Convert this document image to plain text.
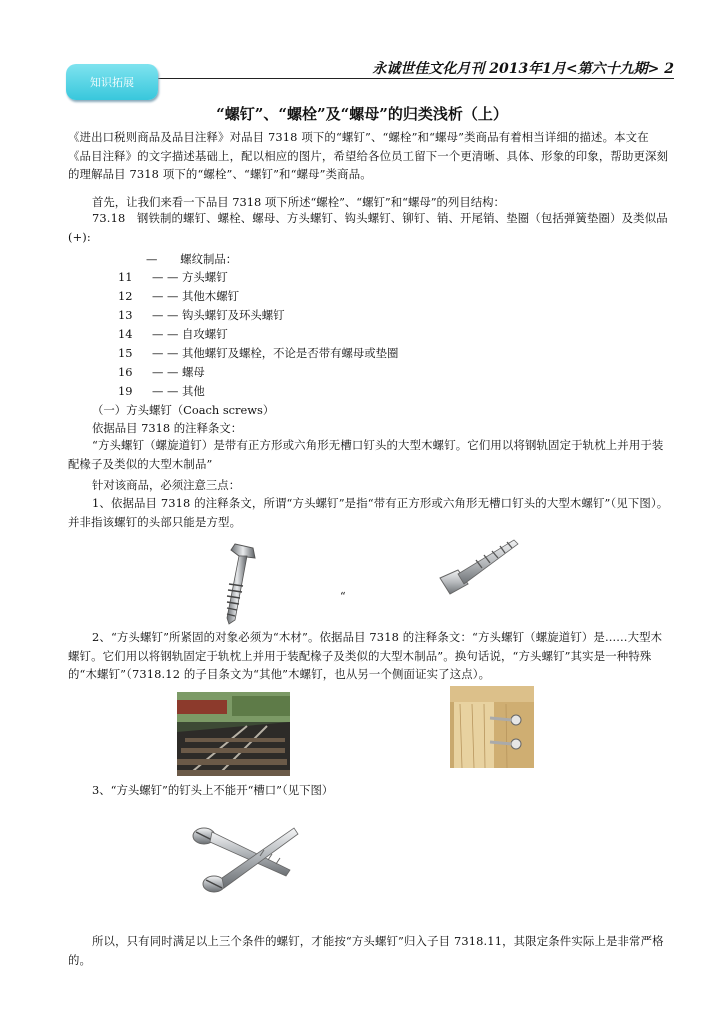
永诚世佳文化月刊 2013年1月<第六十九期> 2
知识拓展
“螺钉”、“螺栓”及“螺母”的归类浅析（上）
《进出口税则商品及品目注释》对品目 7318 项下的“螺钉”、“螺栓”和“螺母”类商品有着相当详细的描述。本文在《品目注释》的文字描述基础上，配以相应的图片，希望给各位员工留下一个更清晰、具体、形象的印象，帮助更深刻的理解品目 7318 项下的“螺栓”、“螺钉”和“螺母”类商品。
首先，让我们来看一下品目 7318 项下所述“螺栓”、“螺钉”和“螺母”的列目结构：
73.18　钢铁制的螺钉、螺栓、螺母、方头螺钉、钩头螺钉、铆钉、销、开尾销、垫圈（包括弹簧垫圈）及类似品(+):
—　　螺纹制品：
11 — — 方头螺钉
12 — — 其他木螺钉
13 — — 钩头螺钉及环头螺钉
14 — — 自攻螺钉
15 — — 其他螺钉及螺栓，不论是否带有螺母或垫圈
16 — — 螺母
19 — — 其他
（一）方头螺钉（Coach screws）
依据品目 7318 的注释条文：
“方头螺钉（螺旋道钉）是带有正方形或六角形无槽口钉头的大型木螺钉。它们用以将钢轨固定于轨枕上并用于装配椽子及类似的大型木制品”
针对该商品，必须注意三点：
1、依据品目 7318 的注释条文，所谓“方头螺钉”是指“带有正方形或六角形无槽口钉头的大型木螺钉”（见下图）。并非指该螺钉的头部只能是方型。
“
2、“方头螺钉”所紧固的对象必须为“木材”。依据品目 7318 的注释条文：“方头螺钉（螺旋道钉）是......大型木螺钉。它们用以将钢轨固定于轨枕上并用于装配椽子及类似的大型木制品”。换句话说，“方头螺钉”其实是一种特殊的“木螺钉”（7318.12 的子目条文为“其他”木螺钉，也从另一个侧面证实了这点）。
3、“方头螺钉”的钉头上不能开“槽口”（见下图）
所以，只有同时满足以上三个条件的螺钉，才能按“方头螺钉”归入子目 7318.11，其限定条件实际上是非常严格的。
